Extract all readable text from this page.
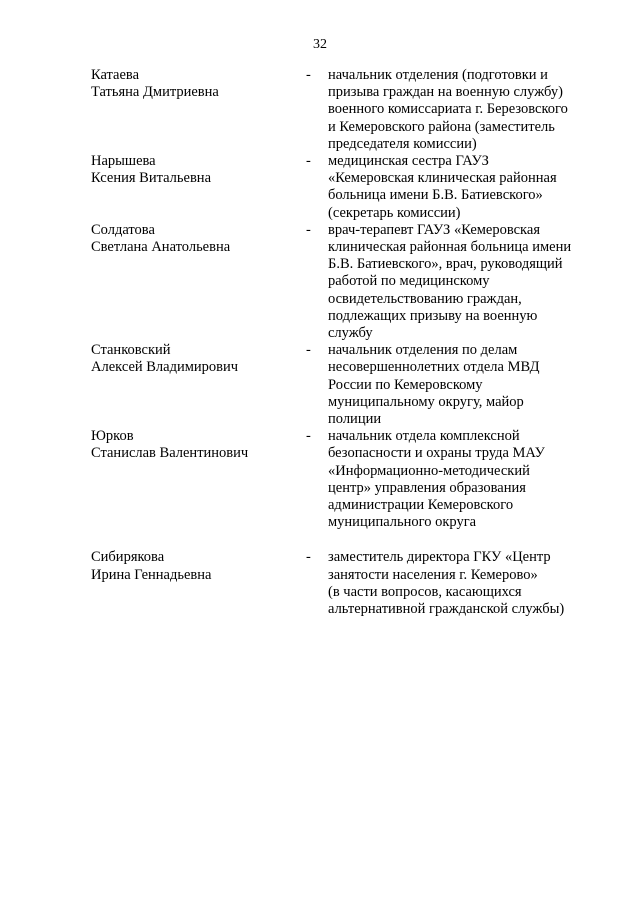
32
Катаева
Татьяна Дмитриевна
-	начальник отделения (подготовки и
призыва граждан на военную службу)
военного комиссариата г. Березовского
и Кемеровского района (заместитель
председателя комиссии)
Нарышева
Ксения Витальевна
-	медицинская сестра ГАУЗ
«Кемеровская клиническая районная
больница имени Б.В. Батиевского»
(секретарь комиссии)
Солдатова
Светлана Анатольевна
-	врач-терапевт ГАУЗ «Кемеровская
клиническая районная больница имени
Б.В. Батиевского», врач, руководящий
работой по медицинскому
освидетельствованию граждан,
подлежащих призыву на военную
службу
Станковский
Алексей Владимирович
-	начальник отделения по делам
несовершеннолетних отдела МВД
России по Кемеровскому
муниципальному округу, майор
полиции
Юрков
Станислав Валентинович
-	начальник отдела комплексной
безопасности и охраны труда МАУ
«Информационно-методический
центр» управления образования
администрации Кемеровского
муниципального округа
Сибирякова
Ирина Геннадьевна
-	заместитель директора ГКУ «Центр
занятости населения г. Кемерово»
(в части вопросов, касающихся
альтернативной гражданской службы)
